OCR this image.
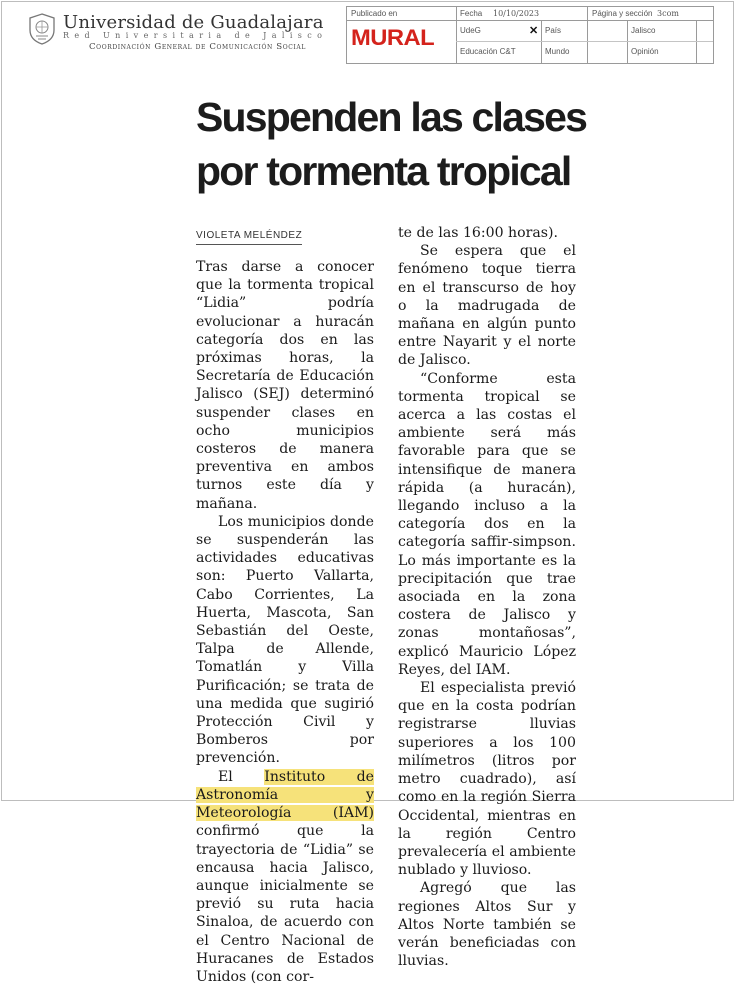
Universidad de Guadalajara
Red Universitaria de Jalisco
Coordinación General de Comunicación Social
Publicado en
MURAL
Fecha	10/10/2023	Página y sección 3com
UdeG	✕ País	Jalisco
Educación C&T	Mundo	Opinión
Suspenden las clases por tormenta tropical
VIOLETA MELÉNDEZ

Tras darse a conocer que la tormenta tropical “Lidia” podría evolucionar a huracán categoría dos en las próximas horas, la Secretaría de Educación Jalisco (SEJ) determinó suspender clases en ocho municipios costeros de manera preventiva en ambos turnos este día y mañana.

Los municipios donde se suspenderán las actividades educativas son: Puerto Vallarta, Cabo Corrientes, La Huerta, Mascota, San Sebastián del Oeste, Talpa de Allende, Tomatlán y Villa Purificación; se trata de una medida que sugirió Protección Civil y Bomberos por prevención.

El Instituto de Astronomía y Meteorología (IAM) confirmó que la trayectoria de “Lidia” se encausa hacia Jalisco, aunque inicialmente se previó su ruta hacia Sinaloa, de acuerdo con el Centro Nacional de Huracanes de Estados Unidos (con cor-

te de las 16:00 horas).

Se espera que el fenómeno toque tierra en el transcurso de hoy o la madrugada de mañana en algún punto entre Nayarit y el norte de Jalisco.

“Conforme esta tormenta tropical se acerca a las costas el ambiente será más favorable para que se intensifique de manera rápida (a huracán), llegando incluso a la categoría dos en la categoría saffir-simpson. Lo más importante es la precipitación que trae asociada en la zona costera de Jalisco y zonas montañosas”, explicó Mauricio López Reyes, del IAM.

El especialista previó que en la costa podrían registrarse lluvias superiores a los 100 milímetros (litros por metro cuadrado), así como en la región Sierra Occidental, mientras en la región Centro prevalecería el ambiente nublado y lluvioso.

Agregó que las regiones Altos Sur y Altos Norte también se verán beneficiadas con lluvias.
